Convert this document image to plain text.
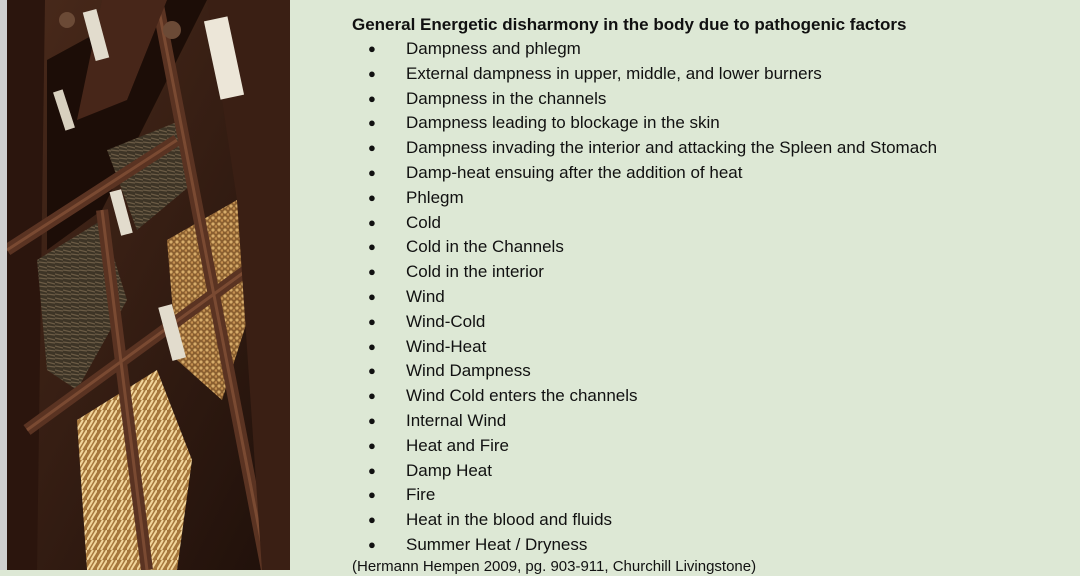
General Energetic disharmony in the body due to pathogenic factors

● Dampness and phlegm
● External dampness in upper, middle, and lower burners
● Dampness in the channels
● Dampness leading to blockage in the skin
● Dampness invading the interior and attacking the Spleen and Stomach
● Damp-heat ensuing after the addition of heat
● Phlegm
● Cold
● Cold in the Channels
● Cold in the interior
● Wind
● Wind-Cold
● Wind-Heat
● Wind Dampness
● Wind Cold enters the channels
● Internal Wind
● Heat and Fire
● Damp Heat
● Fire
● Heat in the blood and fluids
● Summer Heat / Dryness
(Hermann Hempen 2009, pg. 903-911, Churchill Livingstone)
